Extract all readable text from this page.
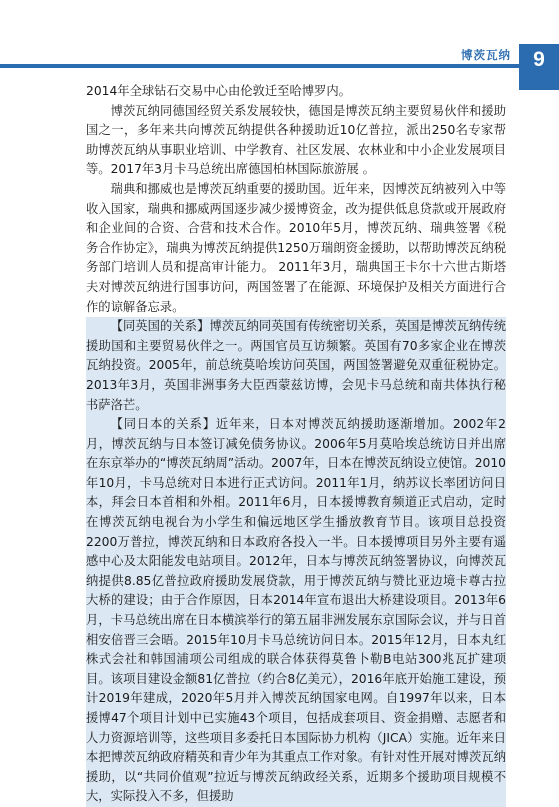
博茨瓦纳	9

2014年全球钻石交易中心由伦敦迁至哈博罗内。

博茨瓦纳同德国经贸关系发展较快，德国是博茨瓦纳主要贸易伙伴和援助国之一，多年来共向博茨瓦纳提供各种援助近10亿普拉，派出250名专家帮助博茨瓦纳从事职业培训、中学教育、社区发展、农林业和中小企业发展项目等。2017年3月卡马总统出席德国柏林国际旅游展 。

瑞典和挪威也是博茨瓦纳重要的援助国。近年来，因博茨瓦纳被列入中等收入国家，瑞典和挪威两国逐步减少援博资金，改为提供低息贷款或开展政府和企业间的合资、合营和技术合作。2010年5月，博茨瓦纳、瑞典签署《税务合作协定》，瑞典为博茨瓦纳提供1250万瑞朗资金援助，以帮助博茨瓦纳税务部门培训人员和提高审计能力。 2011年3月，瑞典国王卡尔十六世古斯塔夫对博茨瓦纳进行国事访问，两国签署了在能源、环境保护及相关方面进行合作的谅解备忘录。

【同英国的关系】博茨瓦纳同英国有传统密切关系，英国是博茨瓦纳传统援助国和主要贸易伙伴之一。两国官员互访频繁。英国有70多家企业在博茨瓦纳投资。2005年，前总统莫哈埃访问英国，两国签署避免双重征税协定。2013年3月，英国非洲事务大臣西蒙兹访博，会见卡马总统和南共体执行秘书萨洛芒。

【同日本的关系】近年来，日本对博茨瓦纳援助逐渐增加。2002年2月，博茨瓦纳与日本签订减免债务协议。2006年5月莫哈埃总统访日并出席在东京举办的“博茨瓦纳周”活动。2007年，日本在博茨瓦纳设立使馆。2010年10月，卡马总统对日本进行正式访问。2011年1月，纳苏议长率团访问日本，拜会日本首相和外相。2011年6月，日本援博教育频道正式启动，定时在博茨瓦纳电视台为小学生和偏远地区学生播放教育节目。该项目总投资2200万普拉，博茨瓦纳和日本政府各投入一半。日本援博项目另外主要有遥感中心及太阳能发电站项目。2012年，日本与博茨瓦纳签署协议，向博茨瓦纳提供8.85亿普拉政府援助发展贷款，用于博茨瓦纳与赞比亚边境卡尊古拉大桥的建设；由于合作原因，日本2014年宣布退出大桥建设项目。2013年6月，卡马总统出席在日本横滨举行的第五届非洲发展东京国际会议，并与日首相安倍晋三会晤。2015年10月卡马总统访问日本。2015年12月，日本丸红株式会社和韩国浦项公司组成的联合体获得莫鲁卜勒B电站300兆瓦扩建项目。该项目建设金额81亿普拉（约合8亿美元），2016年底开始施工建设，预计2019年建成，2020年5月并入博茨瓦纳国家电网。自1997年以来，日本援博47个项目计划中已实施43个项目，包括成套项目、资金捐赠、志愿者和人力资源培训等，这些项目多委托日本国际协力机构（JICA）实施。近年来日本把博茨瓦纳政府精英和青少年为其重点工作对象。有针对性开展对博茨瓦纳援助，以“共同价值观”拉近与博茨瓦纳政经关系，近期多个援助项目规模不大，实际投入不多，但援助
